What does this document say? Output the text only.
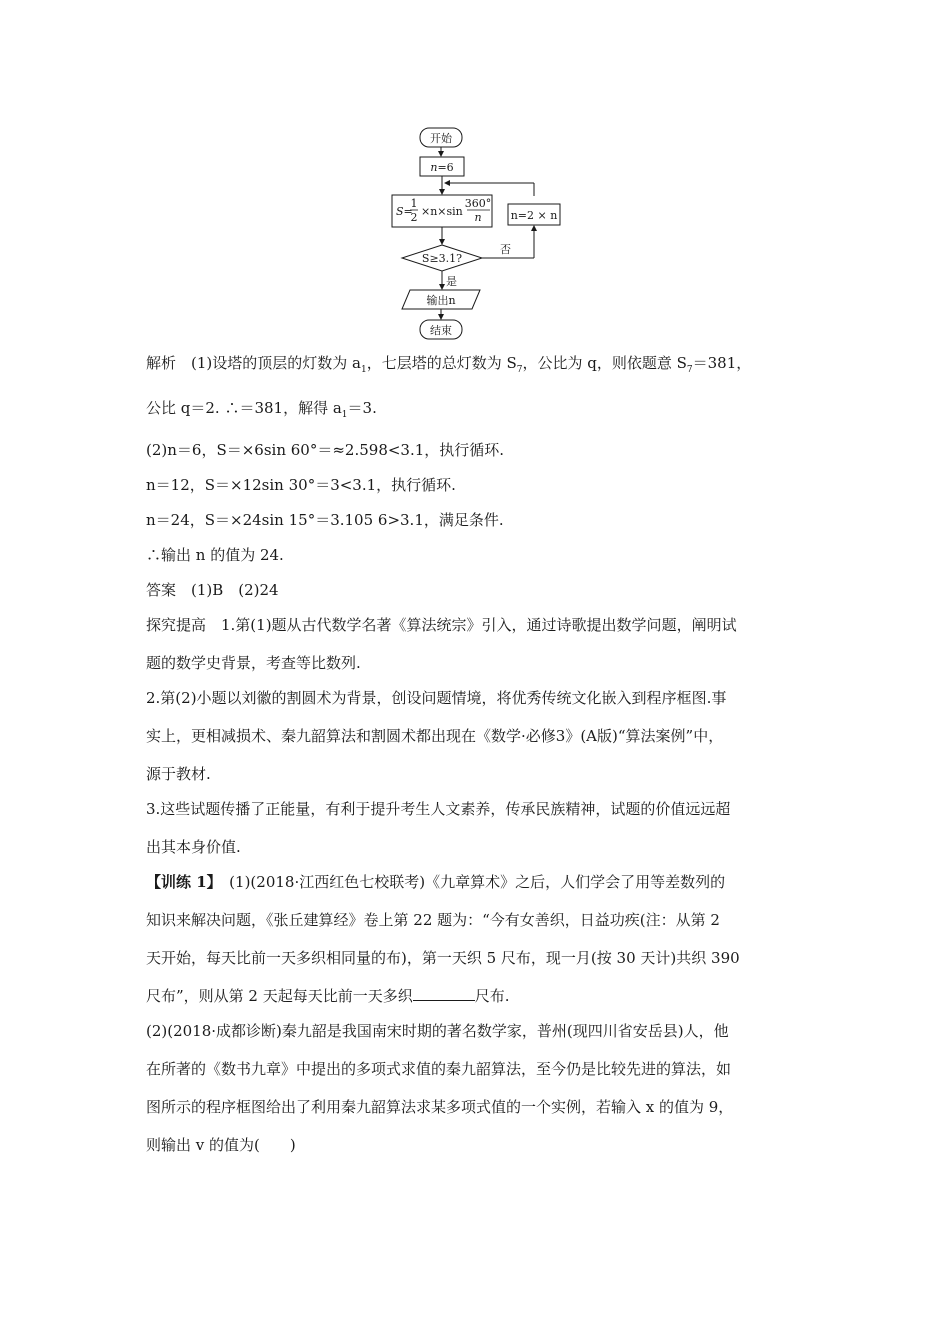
开始
n=6
S=
1
2 ×n×sin
360°
n	n=2 × n
S≥3.1?
否
是
输出n
结束

解析　(1)设塔的顶层的灯数为 $a_1$，七层塔的总灯数为 $S_7$，公比为 q，则依题意 $S_7=381$，

公比 q＝2. ∴＝381，解得 $a_1=3$.

(2)n＝6，S＝×6sin 60°＝≈2.598<3.1，执行循环.

n＝12，S＝×12sin 30°＝3<3.1，执行循环.

n＝24，S＝×24sin 15°＝3.105 6>3.1，满足条件.

∴输出 n 的值为 24.

答案　(1)B　(2)24

探究提高　1.第(1)题从古代数学名著《算法统宗》引入，通过诗歌提出数学问题，阐明试

题的数学史背景，考查等比数列.

2.第(2)小题以刘徽的割圆术为背景，创设问题情境，将优秀传统文化嵌入到程序框图.事

实上，更相减损术、秦九韶算法和割圆术都出现在《数学·必修3》(A版)“算法案例”中，

源于教材.

3.这些试题传播了正能量，有利于提升考生人文素养，传承民族精神，试题的价值远远超

出其本身价值.

【训练 1】　(1)(2018·江西红色七校联考)《九章算术》之后，人们学会了用等差数列的

知识来解决问题，《张丘建算经》卷上第 22 题为：“今有女善织，日益功疾(注：从第 2

天开始，每天比前一天多织相同量的布)，第一天织 5 尺布，现一月(按 30 天计)共织 390

尺布”，则从第 2 天起每天比前一天多织	尺布.

(2)(2018·成都诊断)秦九韶是我国南宋时期的著名数学家，普州(现四川省安岳县)人，他

在所著的《数书九章》中提出的多项式求值的秦九韶算法，至今仍是比较先进的算法，如

图所示的程序框图给出了利用秦九韶算法求某多项式值的一个实例，若输入 x 的值为 9，

则输出 v 的值为(　　)
